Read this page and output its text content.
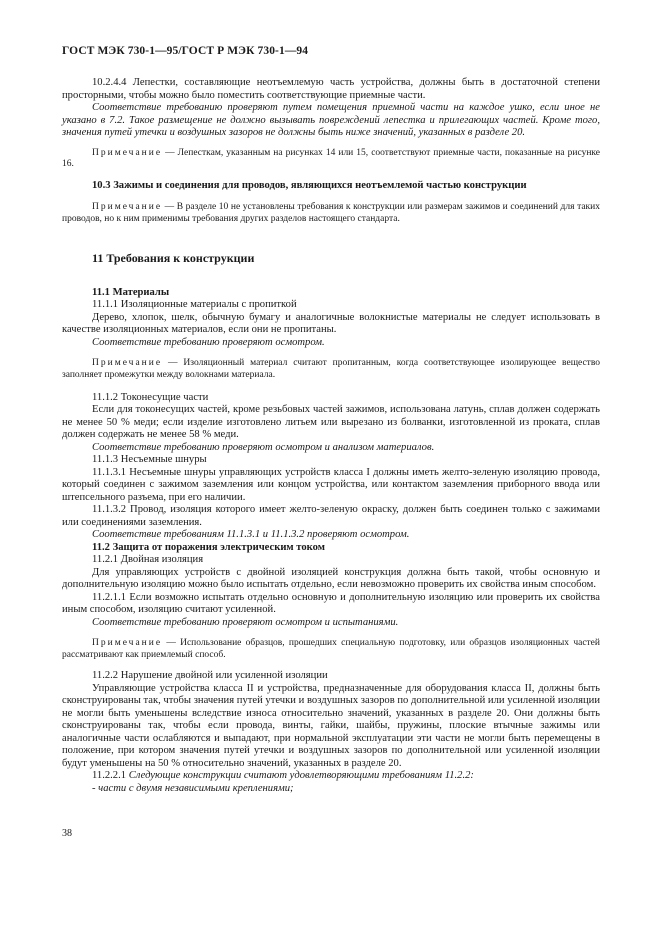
ГОСТ МЭК 730-1—95/ГОСТ Р МЭК 730-1—94

10.2.4.4 Лепестки, составляющие неотъемлемую часть устройства, должны быть в достаточной степени просторными, чтобы можно было поместить соответствующие приемные части.

Соответствие требованию проверяют путем помещения приемной части на каждое ушко, если иное не указано в 7.2. Такое размещение не должно вызывать повреждений лепестка и прилегающих частей. Кроме того, значения путей утечки и воздушных зазоров не должны быть ниже значений, указанных в разделе 20.

Примечание — Лепесткам, указанным на рисунках 14 или 15, соответствуют приемные части, показанные на рисунке 16.

10.3 Зажимы и соединения для проводов, являющихся неотъемлемой частью конструкции

Примечание — В разделе 10 не установлены требования к конструкции или размерам зажимов и соединений для таких проводов, но к ним применимы требования других разделов настоящего стандарта.

11 Требования к конструкции

11.1 Материалы

11.1.1 Изоляционные материалы с пропиткой

Дерево, хлопок, шелк, обычную бумагу и аналогичные волокнистые материалы не следует использовать в качестве изоляционных материалов, если они не пропитаны.

Соответствие требованию проверяют осмотром.

Примечание — Изоляционный материал считают пропитанным, когда соответствующее изолирующее вещество заполняет промежутки между волокнами материала.

11.1.2 Токонесущие части

Если для токонесущих частей, кроме резьбовых частей зажимов, использована латунь, сплав должен содержать не менее 50 % меди; если изделие изготовлено литьем или вырезано из болванки, изготовленной из проката, сплав должен содержать не менее 58 % меди.

Соответствие требованию проверяют осмотром и анализом материалов.

11.1.3 Несъемные шнуры

11.1.3.1 Несъемные шнуры управляющих устройств класса I должны иметь желто-зеленую изоляцию провода, который соединен с зажимом заземления или концом устройства, или контактом заземления приборного ввода или штепсельного разъема, при его наличии.

11.1.3.2 Провод, изоляция которого имеет желто-зеленую окраску, должен быть соединен только с зажимами или соединениями заземления.

Соответствие требованиям 11.1.3.1 и 11.1.3.2 проверяют осмотром.

11.2 Защита от поражения электрическим током

11.2.1 Двойная изоляция

Для управляющих устройств с двойной изоляцией конструкция должна быть такой, чтобы основную и дополнительную изоляцию можно было испытать отдельно, если невозможно проверить их свойства иным способом.

11.2.1.1 Если возможно испытать отдельно основную и дополнительную изоляцию или проверить их свойства иным способом, изоляцию считают усиленной.

Соответствие требованию проверяют осмотром и испытаниями.

Примечание — Использование образцов, прошедших специальную подготовку, или образцов изоляционных частей рассматривают как приемлемый способ.

11.2.2 Нарушение двойной или усиленной изоляции

Управляющие устройства класса II и устройства, предназначенные для оборудования класса II, должны быть сконструированы так, чтобы значения путей утечки и воздушных зазоров по дополнительной или усиленной изоляции не могли быть уменьшены вследствие износа относительно значений, указанных в разделе 20. Они должны быть сконструированы так, чтобы если провода, винты, гайки, шайбы, пружины, плоские втычные зажимы или аналогичные части ослабляются и выпадают, при нормальной эксплуатации эти части не могли быть перемещены в положение, при котором значения путей утечки и воздушных зазоров по дополнительной или усиленной изоляции будут уменьшены на 50 % относительно значений, указанных в разделе 20.

11.2.2.1 Следующие конструкции считают удовлетворяющими требованиям 11.2.2:

- части с двумя независимыми креплениями;

38
